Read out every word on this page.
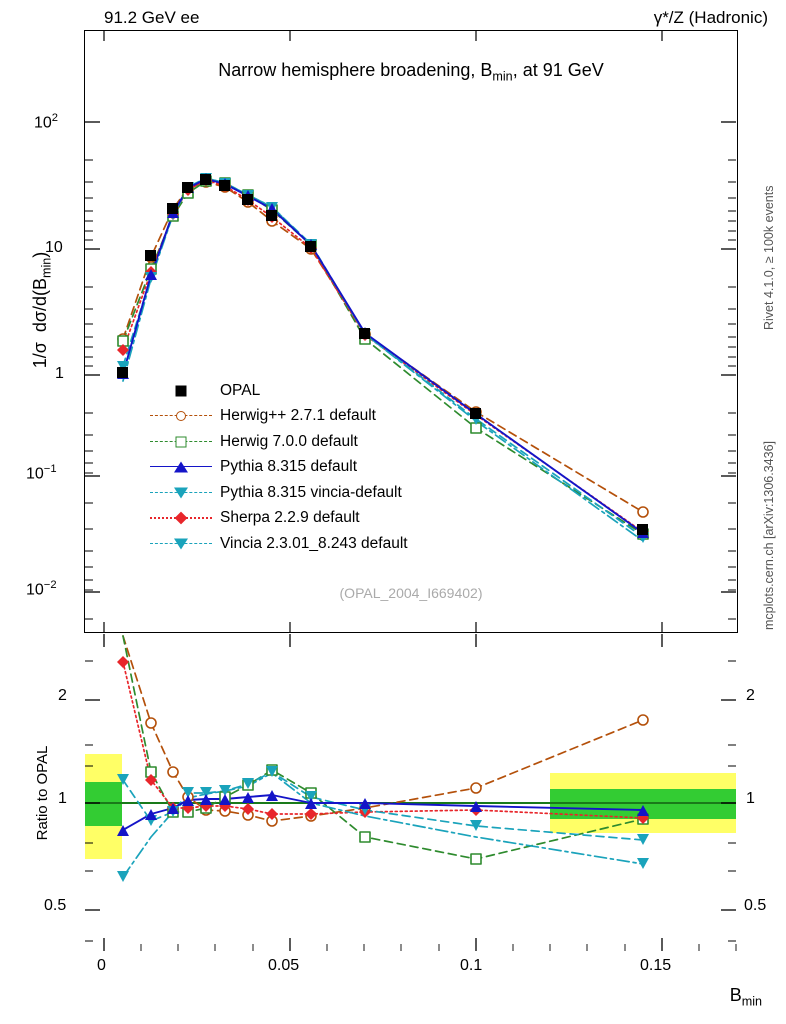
91.2 GeV ee	γ*/Z (Hadronic)
Rivet 4.1.0, ≥ 100k events
mcplots.cern.ch [arXiv:1306.3436]
Narrow hemisphere broadening, $B_{min}$, at 91 GeV
1/σ  $d\sigma/d(B_{min})$
$10^2$
10
1
$10^{-1}$
$10^{-2}$
OPAL
Herwig++ 2.7.1 default
Herwig 7.0.0 default
Pythia 8.315 default
Pythia 8.315 vincia-default
Sherpa 2.2.9 default
Vincia 2.3.01_8.243 default
(OPAL_2004_I669402)
Ratio to OPAL
2
1
0.5
2
1
0.5
0	0.05	0.1	0.15
$B_{min}$
